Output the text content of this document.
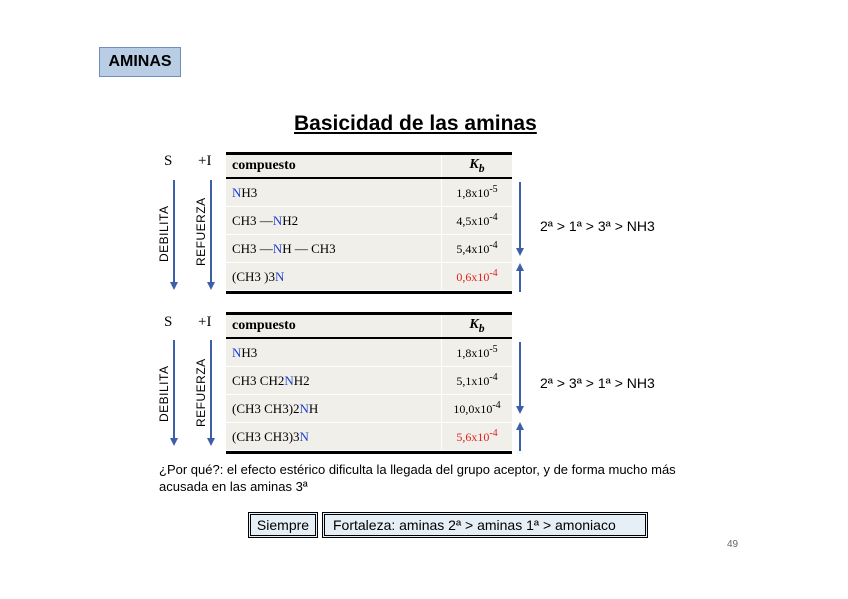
AMINAS
Basicidad de las aminas
S +I
DEBILITA REFUERZA
compuesto	$K_b$
N H3	$1,8x10^{-5}$
CH3 — N H2	$4,5x10^{-4}$
CH3 — N H — CH3	$5,4x10^{-4}$
(CH3 )3 N	$0,6x10^{-4}$
2ª > 1ª > 3ª > NH3
S +I
DEBILITA REFUERZA
compuesto	$K_b$
N H3	$1,8x10^{-5}$
CH3 CH2 N H2	$5,1x10^{-4}$
(CH3 CH3)2 N H	$10,0x10^{-4}$
(CH3 CH3)3 N	$5,6x10^{-4}$
2ª > 3ª > 1ª > NH3
¿Por qué?: el efecto estérico dificulta la llegada del grupo aceptor, y de forma mucho más acusada en las aminas 3ª
Siempre	Fortaleza: aminas 2ª > aminas 1ª > amoniaco
49
